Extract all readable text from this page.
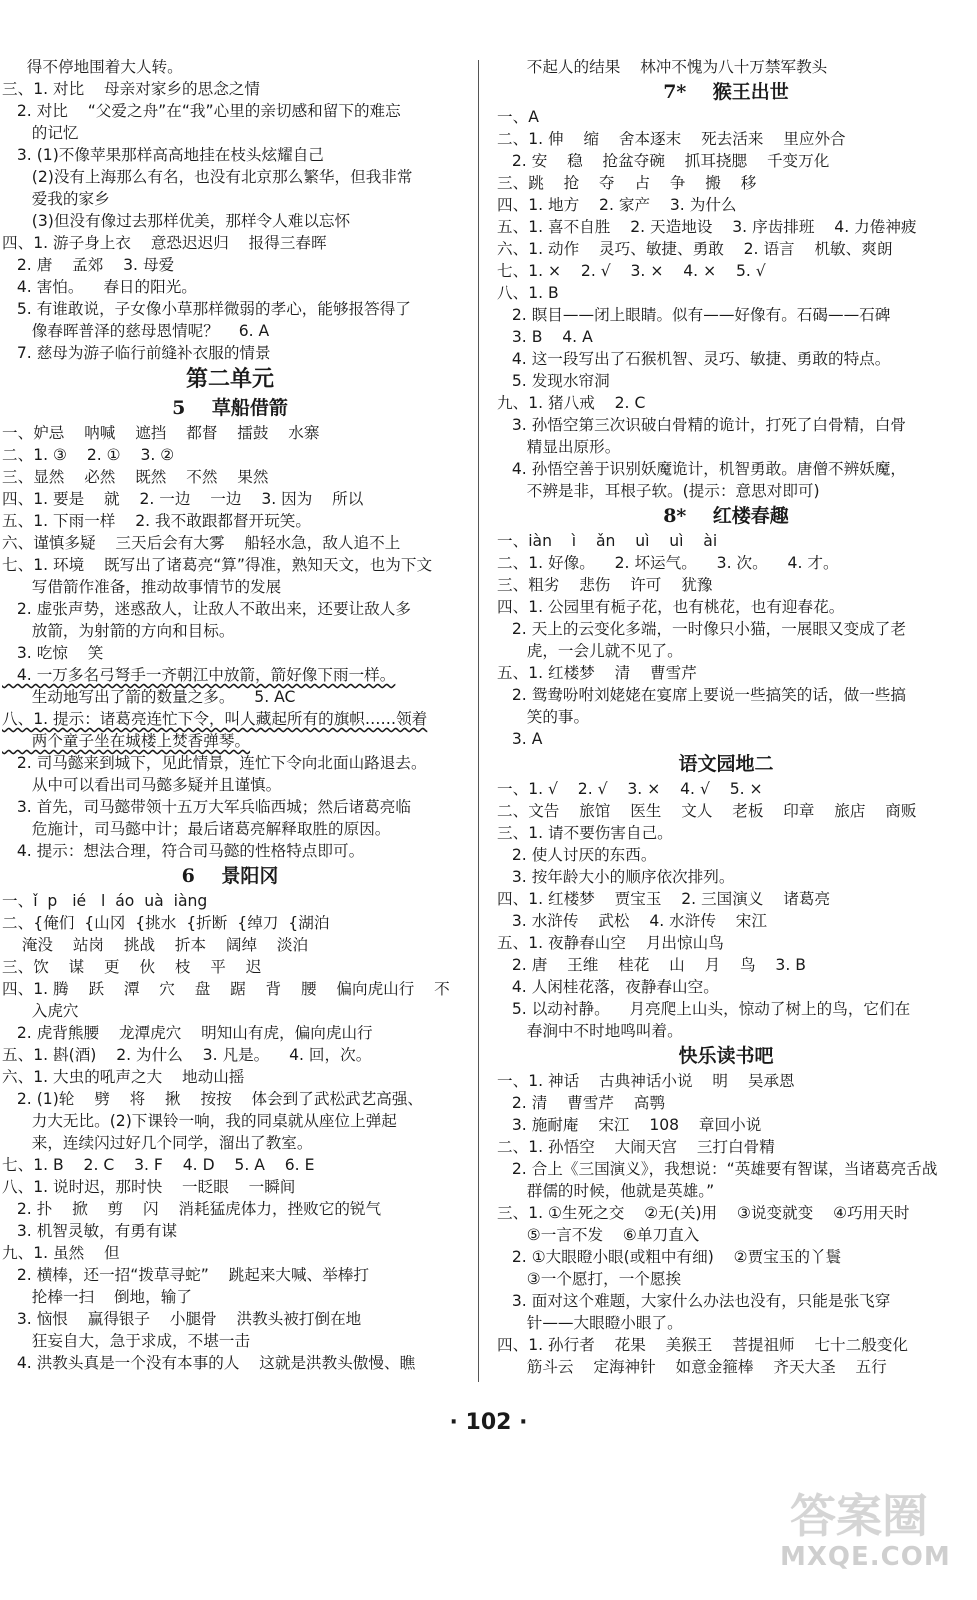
得不停地围着大人转。
三、1. 对比    母亲对家乡的思念之情
2. 对比    “父爱之舟”在“我”心里的亲切感和留下的难忘
的记忆
3. (1)不像苹果那样高高地挂在枝头炫耀自己
(2)没有上海那么有名，也没有北京那么繁华，但我非常
爱我的家乡
(3)但没有像过去那样优美，那样令人难以忘怀
四、1. 游子身上衣    意恐迟迟归    报得三春晖
2. 唐    孟郊    3. 母爱
4. 害怕。    春日的阳光。
5. 有谁敢说，子女像小草那样微弱的孝心，能够报答得了
像春晖普泽的慈母恩情呢？    6. A
7. 慈母为游子临行前缝补衣服的情景
第二单元
5    草船借箭
一、妒忌    呐喊    遮挡    都督    擂鼓    水寨
二、1. ③    2. ①    3. ②
三、显然    必然    既然    不然    果然
四、1. 要是    就    2. 一边    一边    3. 因为    所以
五、1. 下雨一样    2. 我不敢跟都督开玩笑。
六、谨慎多疑    三天后会有大雾    船轻水急，敌人追不上
七、1. 环境    既写出了诸葛亮“算”得准，熟知天文，也为下文
写借箭作准备，推动故事情节的发展
2. 虚张声势，迷惑敌人，让敌人不敢出来，还要让敌人多
放箭，为射箭的方向和目标。
3. 吃惊    笑
4. 一万多名弓弩手一齐朝江中放箭，箭好像下雨一样。
生动地写出了箭的数量之多。    5. AC
八、1. 提示：诸葛亮连忙下令，叫人藏起所有的旗帜……领着
两个童子坐在城楼上焚香弹琴。
2. 司马懿来到城下，见此情景，连忙下令向北面山路退去。
从中可以看出司马懿多疑并且谨慎。
3. 首先，司马懿带领十五万大军兵临西城；然后诸葛亮临
危施计，司马懿中计；最后诸葛亮解释取胜的原因。
4. 提示：想法合理，符合司马懿的性格特点即可。
6    景阳冈
一、ǐ  p   ié   l  áo  uà  iàng
二、{俺们  {山冈  {挑水  {折断  {绰刀  {湖泊
淹没    站岗    挑战    折本    阔绰    淡泊
三、饮    谋    更    伙    枝    平    迟
四、1. 腾    跃    潭    穴    盘    踞    背    腰    偏向虎山行    不
入虎穴
2. 虎背熊腰    龙潭虎穴    明知山有虎，偏向虎山行
五、1. 斟(酒)    2. 为什么    3. 凡是。    4. 回，次。
六、1. 大虫的吼声之大    地动山摇
2. (1)轮    劈    将    揪    按按    体会到了武松武艺高强、
力大无比。(2)下课铃一响，我的同桌就从座位上弹起
来，连续闪过好几个同学，溜出了教室。
七、1. B    2. C    3. F    4. D    5. A    6. E
八、1. 说时迟，那时快    一眨眼    一瞬间
2. 扑    掀    剪    闪    消耗猛虎体力，挫败它的锐气
3. 机智灵敏，有勇有谋
九、1. 虽然    但
2. 横棒，还一招“拨草寻蛇”    跳起来大喊、举棒打
抡棒一扫    倒地，输了
3. 恼恨    赢得银子    小腿骨    洪教头被打倒在地
狂妄自大，急于求成，不堪一击
4. 洪教头真是一个没有本事的人    这就是洪教头傲慢、瞧
不起人的结果    林冲不愧为八十万禁军教头
7*    猴王出世
一、A
二、1. 伸    缩    舍本逐末    死去活来    里应外合
2. 安    稳    抢盆夺碗    抓耳挠腮    千变万化
三、跳    抢    夺    占    争    搬    移
四、1. 地方    2. 家产    3. 为什么
五、1. 喜不自胜    2. 天造地设    3. 序齿排班    4. 力倦神疲
六、1. 动作    灵巧、敏捷、勇敢    2. 语言    机敏、爽朗
七、1. ×    2. √    3. ×    4. ×    5. √
八、1. B
2. 瞑目——闭上眼睛。似有——好像有。石碣——石碑
3. B    4. A
4. 这一段写出了石猴机智、灵巧、敏捷、勇敢的特点。
5. 发现水帘洞
九、1. 猪八戒    2. C
3. 孙悟空第三次识破白骨精的诡计，打死了白骨精，白骨
精显出原形。
4. 孙悟空善于识别妖魔诡计，机智勇敢。唐僧不辨妖魔，
不辨是非，耳根子软。(提示：意思对即可)
8*    红楼春趣
一、iàn    ì    ǎn    uì    uì    ài
二、1. 好像。    2. 坏运气。    3. 次。    4. 才。
三、粗劣    悲伤    许可    犹豫
四、1. 公园里有栀子花，也有桃花，也有迎春花。
2. 天上的云变化多端，一时像只小猫，一展眼又变成了老
虎，一会儿就不见了。
五、1. 红楼梦    清    曹雪芹
2. 鸳鸯吩咐刘姥姥在宴席上要说一些搞笑的话，做一些搞
笑的事。
3. A
语文园地二
一、1. √    2. √    3. ×    4. √    5. ×
二、文告    旅馆    医生    文人    老板    印章    旅店    商贩
三、1. 请不要伤害自己。
2. 使人讨厌的东西。
3. 按年龄大小的顺序依次排列。
四、1. 红楼梦    贾宝玉    2. 三国演义    诸葛亮
3. 水浒传    武松    4. 水浒传    宋江
五、1. 夜静春山空    月出惊山鸟
2. 唐    王维    桂花    山    月    鸟    3. B
4. 人闲桂花落，夜静春山空。
5. 以动衬静。    月亮爬上山头，惊动了树上的鸟，它们在
春涧中不时地鸣叫着。
快乐读书吧
一、1. 神话    古典神话小说    明    吴承恩
2. 清    曹雪芹    高鹗
3. 施耐庵    宋江    108    章回小说
二、1. 孙悟空    大闹天宫    三打白骨精
2. 合上《三国演义》，我想说：“英雄要有智谋，当诸葛亮舌战
群儒的时候，他就是英雄。”
三、1. ①生死之交    ②无(关)用    ③说变就变    ④巧用天时
⑤一言不发    ⑥单刀直入
2. ①大眼瞪小眼(或粗中有细)    ②贾宝玉的丫鬟
③一个愿打，一个愿挨
3. 面对这个难题，大家什么办法也没有，只能是张飞穿
针——大眼瞪小眼了。
四、1. 孙行者    花果    美猴王    菩提祖师    七十二般变化
筋斗云    定海神针    如意金箍棒    齐天大圣    五行
· 102 ·
答案圈
MXQE.COM
